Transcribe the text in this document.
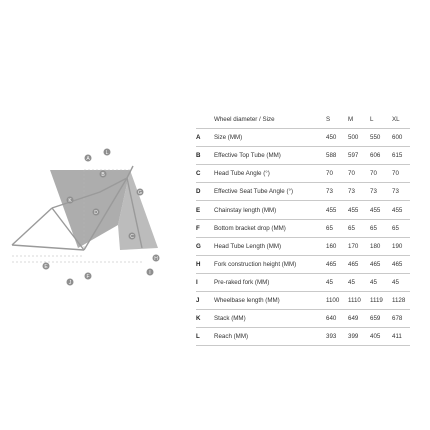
A
B
C
D
E
F
G
H
I
J
K
L
	Wheel diameter / Size	S	M	L	XL
A	Size (MM)	450	500	550	600
B	Effective Top Tube (MM)	588	597	606	615
C	Head Tube Angle (°)	70	70	70	70
D	Effective Seat Tube Angle (°)	73	73	73	73
E	Chainstay length (MM)	455	455	455	455
F	Bottom bracket drop (MM)	65	65	65	65
G	Head Tube Length (MM)	160	170	180	190
H	Fork construction height (MM)	465	465	465	465
I	Pre-raked fork (MM)	45	45	45	45
J	Wheelbase length (MM)	1100	1110	1119	1128
K	Stack (MM)	640	649	659	678
L	Reach (MM)	393	399	405	411
